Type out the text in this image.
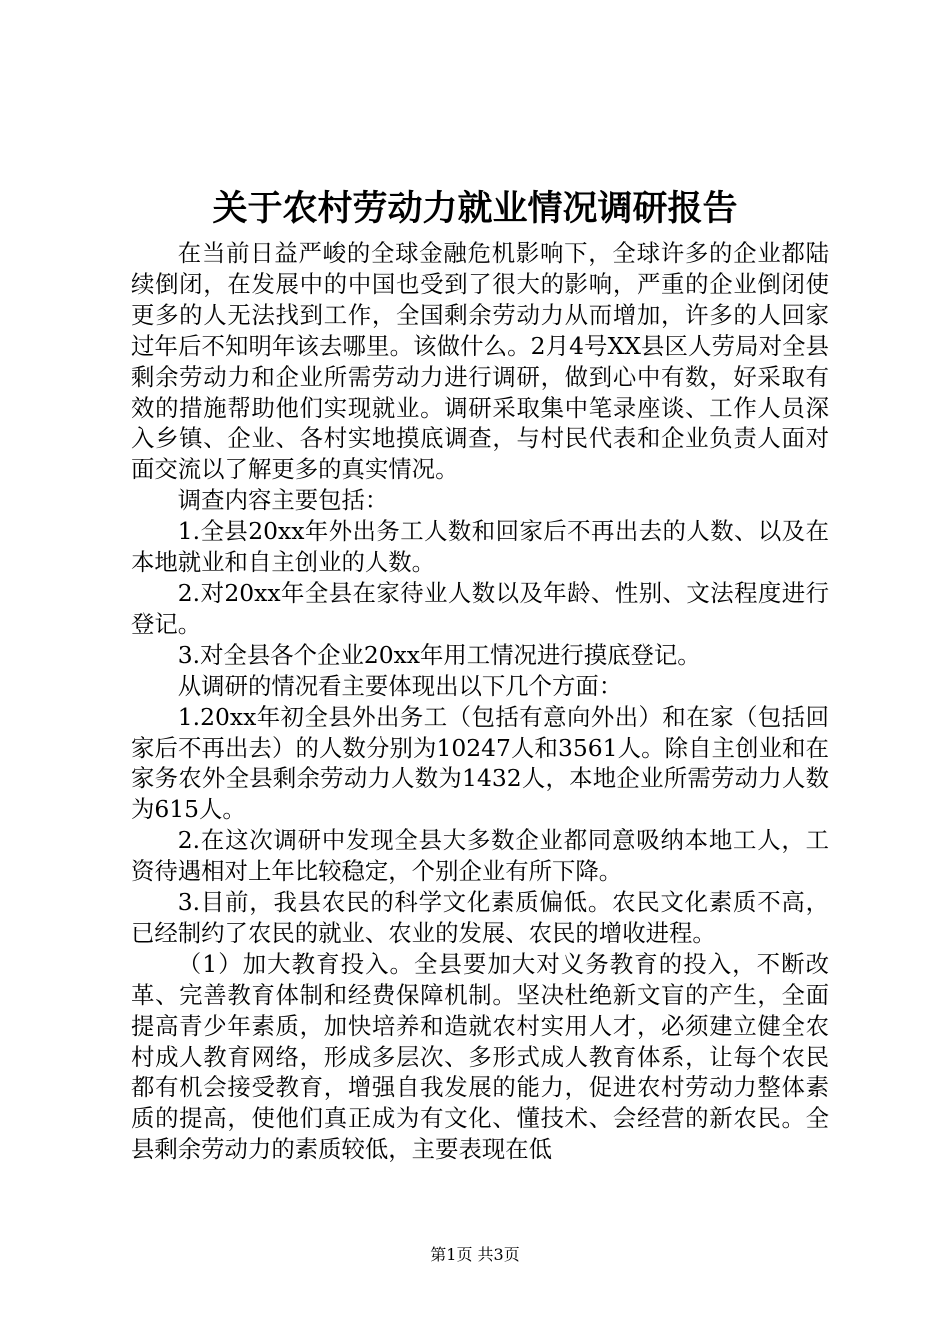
关于农村劳动力就业情况调研报告

在当前日益严峻的全球金融危机影响下，全球许多的企业都陆续倒闭，在发展中的中国也受到了很大的影响，严重的企业倒闭使更多的人无法找到工作，全国剩余劳动力从而增加，许多的人回家过年后不知明年该去哪里。该做什么。2月4号XX县区人劳局对全县剩余劳动力和企业所需劳动力进行调研，做到心中有数，好采取有效的措施帮助他们实现就业。调研采取集中笔录座谈、工作人员深入乡镇、企业、各村实地摸底调查，与村民代表和企业负责人面对面交流以了解更多的真实情况。

调查内容主要包括：

1.全县20xx年外出务工人数和回家后不再出去的人数、以及在本地就业和自主创业的人数。

2.对20xx年全县在家待业人数以及年龄、性别、文法程度进行登记。

3.对全县各个企业20xx年用工情况进行摸底登记。

从调研的情况看主要体现出以下几个方面：

1.20xx年初全县外出务工（包括有意向外出）和在家（包括回家后不再出去）的人数分别为10247人和3561人。除自主创业和在家务农外全县剩余劳动力人数为1432人，本地企业所需劳动力人数为615人。

2.在这次调研中发现全县大多数企业都同意吸纳本地工人，工资待遇相对上年比较稳定，个别企业有所下降。

3.目前，我县农民的科学文化素质偏低。农民文化素质不高，已经制约了农民的就业、农业的发展、农民的增收进程。

（1）加大教育投入。全县要加大对义务教育的投入，不断改革、完善教育体制和经费保障机制。坚决杜绝新文盲的产生，全面提高青少年素质，加快培养和造就农村实用人才，必须建立健全农村成人教育网络，形成多层次、多形式成人教育体系，让每个农民都有机会接受教育，增强自我发展的能力，促进农村劳动力整体素质的提高，使他们真正成为有文化、懂技术、会经营的新农民。全县剩余劳动力的素质较低，主要表现在低

第1页 共3页
